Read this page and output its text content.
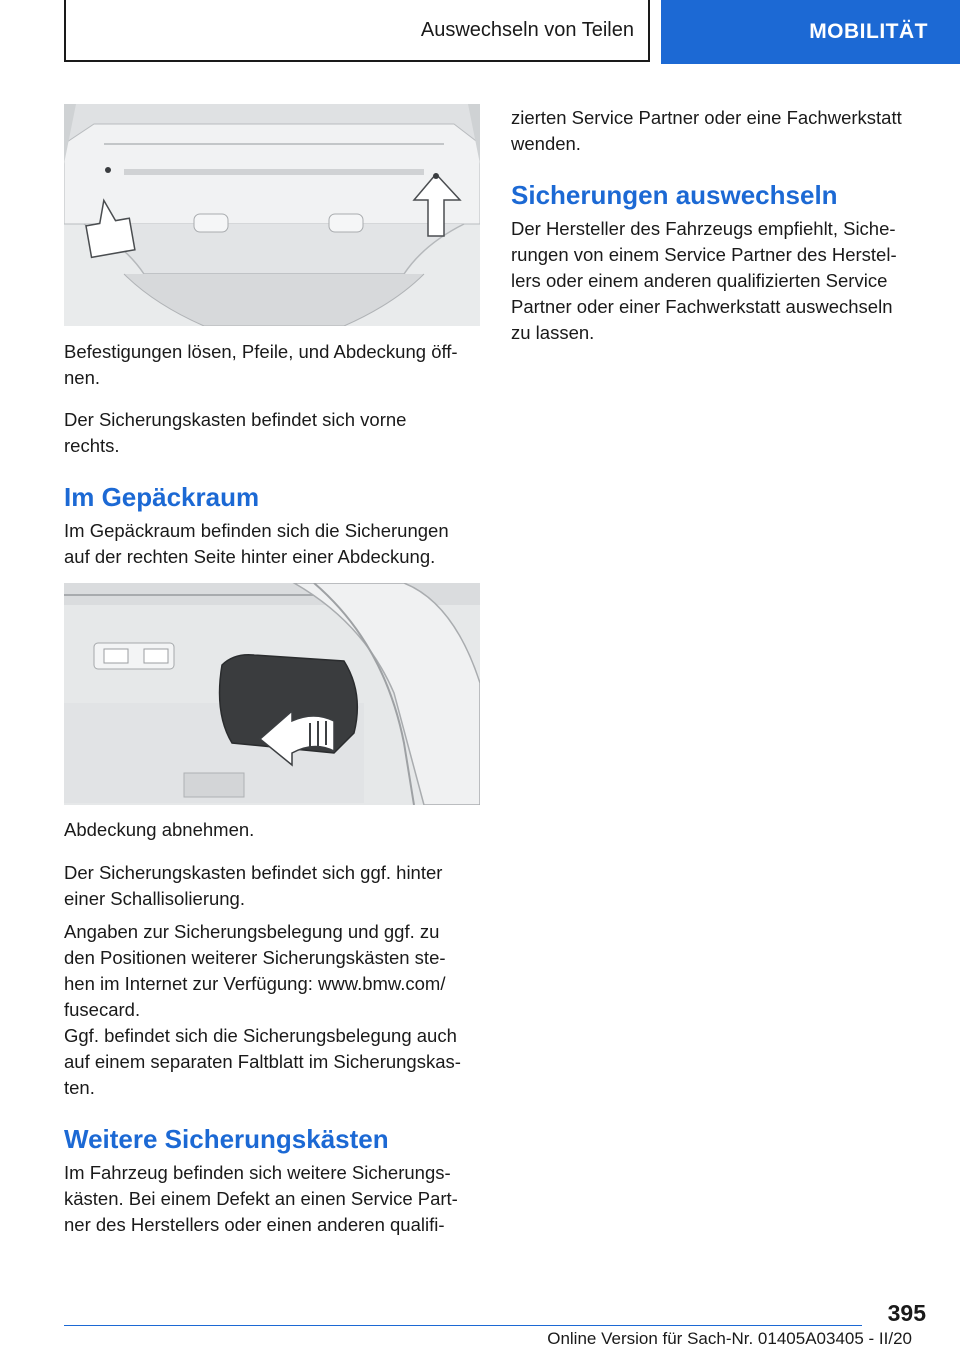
Auswechseln von Teilen	MOBILITÄT

Befestigungen lösen, Pfeile, und Abdeckung öff-
nen.

Der Sicherungskasten befindet sich vorne
rechts.

Im Gepäckraum

Im Gepäckraum befinden sich die Sicherungen
auf der rechten Seite hinter einer Abdeckung.

Abdeckung abnehmen.

Der Sicherungskasten befindet sich ggf. hinter
einer Schallisolierung.

Angaben zur Sicherungsbelegung und ggf. zu
den Positionen weiterer Sicherungskästen ste-
hen im Internet zur Verfügung: www.bmw.com/
fusecard.

Ggf. befindet sich die Sicherungsbelegung auch
auf einem separaten Faltblatt im Sicherungskas-
ten.

Weitere Sicherungskästen

Im Fahrzeug befinden sich weitere Sicherungs-
kästen. Bei einem Defekt an einen Service Part-
ner des Herstellers oder einen anderen qualifi-

zierten Service Partner oder eine Fachwerkstatt
wenden.

Sicherungen auswechseln

Der Hersteller des Fahrzeugs empfiehlt, Siche-
rungen von einem Service Partner des Herstel-
lers oder einem anderen qualifizierten Service
Partner oder einer Fachwerkstatt auswechseln
zu lassen.

395
Online Version für Sach-Nr. 01405A03405 - II/20
